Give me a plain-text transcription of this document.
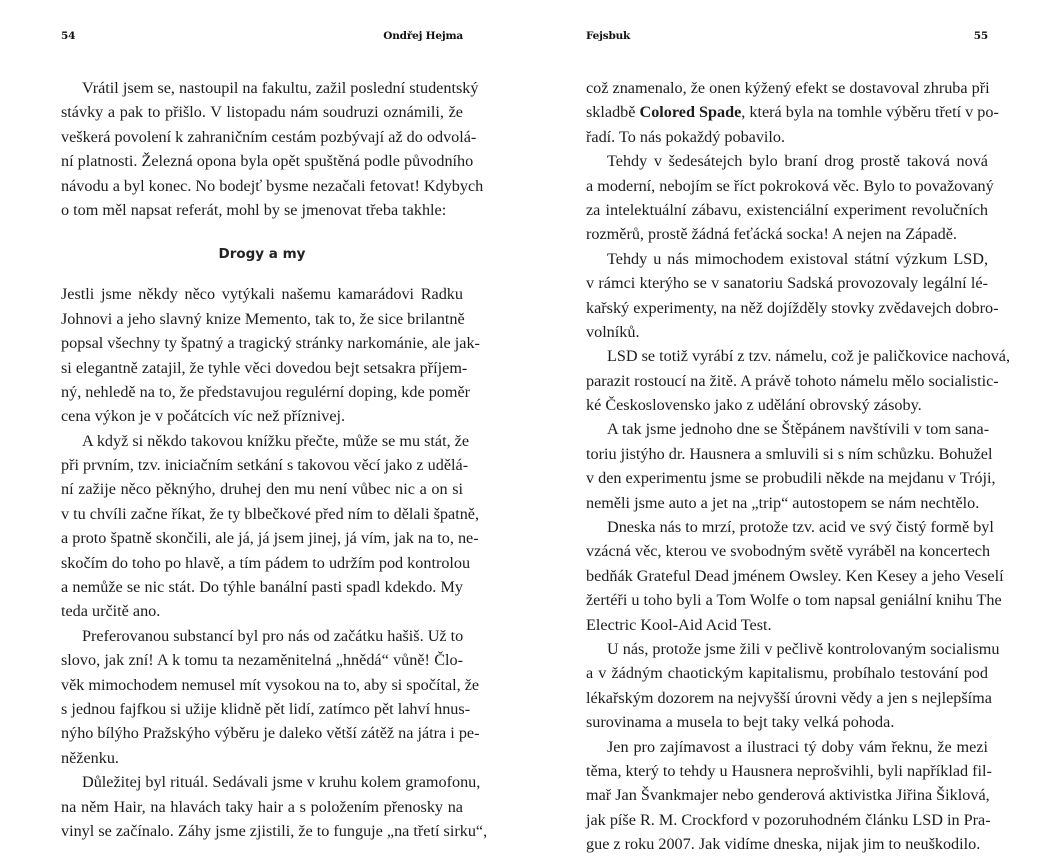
54	Ondřej Hejma
Vrátil jsem se, nastoupil na fakultu, zažil poslední studentský
stávky a pak to přišlo. V listopadu nám soudruzi oznámili, že
veškerá povolení k zahraničním cestám pozbývají až do odvolá-
ní platnosti. Železná opona byla opět spuštěná podle původního
návodu a byl konec. No bodejť bysme nezačali fetovat! Kdybych
o tom měl napsat referát, mohl by se jmenovat třeba takhle:
Drogy a my
Jestli jsme někdy něco vytýkali našemu kamarádovi Radku
Johnovi a jeho slavný knize Memento, tak to, že sice brilantně
popsal všechny ty špatný a tragický stránky narkománie, ale jak-
si elegantně zatajil, že tyhle věci dovedou bejt setsakra příjem-
ný, nehledě na to, že představujou regulérní doping, kde poměr
cena výkon je v počátcích víc než příznivej.
A když si někdo takovou knížku přečte, může se mu stát, že
při prvním, tzv. iniciačním setkání s takovou věcí jako z udělá-
ní zažije něco pěknýho, druhej den mu není vůbec nic a on si
v tu chvíli začne říkat, že ty blbečkové před ním to dělali špatně,
a proto špatně skončili, ale já, já jsem jinej, já vím, jak na to, ne-
skočím do toho po hlavě, a tím pádem to udržím pod kontrolou
a nemůže se nic stát. Do týhle banální pasti spadl kdekdo. My
teda určitě ano.
Preferovanou substancí byl pro nás od začátku hašiš. Už to
slovo, jak zní! A k tomu ta nezaměnitelná „hnědá“ vůně! Člo-
věk mimochodem nemusel mít vysokou na to, aby si spočítal, že
s jednou fajfkou si užije klidně pět lidí, zatímco pět lahví hnus-
nýho bílýho Pražskýho výběru je daleko větší zátěž na játra i pe-
něženku.
Důležitej byl rituál. Sedávali jsme v kruhu kolem gramofonu,
na něm Hair, na hlavách taky hair a s položením přenosky na
vinyl se začínalo. Záhy jsme zjistili, že to funguje „na třetí sirku“,
Fejsbuk	55
což znamenalo, že onen kýžený efekt se dostavoval zhruba při
skladbě Colored Spade, která byla na tomhle výběru třetí v po-
řadí. To nás pokaždý pobavilo.
Tehdy v šedesátejch bylo braní drog prostě taková nová
a moderní, nebojím se říct pokroková věc. Bylo to považovaný
za intelektuální zábavu, existenciální experiment revolučních
rozměrů, prostě žádná feťácká socka! A nejen na Západě.
Tehdy u nás mimochodem existoval státní výzkum LSD,
v rámci kterýho se v sanatoriu Sadská provozovaly legální lé-
kařský experimenty, na něž dojížděly stovky zvědavejch dobro-
volníků.
LSD se totiž vyrábí z tzv. námelu, což je paličkovice nachová,
parazit rostoucí na žitě. A právě tohoto námelu mělo socialistic-
ké Československo jako z udělání obrovský zásoby.
A tak jsme jednoho dne se Štěpánem navštívili v tom sana-
toriu jistýho dr. Hausnera a smluvili si s ním schůzku. Bohužel
v den experimentu jsme se probudili někde na mejdanu v Tróji,
neměli jsme auto a jet na „trip“ autostopem se nám nechtělo.
Dneska nás to mrzí, protože tzv. acid ve svý čistý formě byl
vzácná věc, kterou ve svobodným světě vyráběl na koncertech
bedňák Grateful Dead jménem Owsley. Ken Kesey a jeho Veselí
žertéři u toho byli a Tom Wolfe o tom napsal geniální knihu The
Electric Kool-Aid Acid Test.
U nás, protože jsme žili v pečlivě kontrolovaným socialismu
a v žádným chaotickým kapitalismu, probíhalo testování pod
lékařským dozorem na nejvyšší úrovni vědy a jen s nejlepšíma
surovinama a musela to bejt taky velká pohoda.
Jen pro zajímavost a ilustraci tý doby vám řeknu, že mezi
těma, který to tehdy u Hausnera neprošvihli, byli například fil-
mař Jan Švankmajer nebo genderová aktivistka Jiřina Šiklová,
jak píše R. M. Crockford v pozoruhodném článku LSD in Pra-
gue z roku 2007. Jak vidíme dneska, nijak jim to neuškodilo.
